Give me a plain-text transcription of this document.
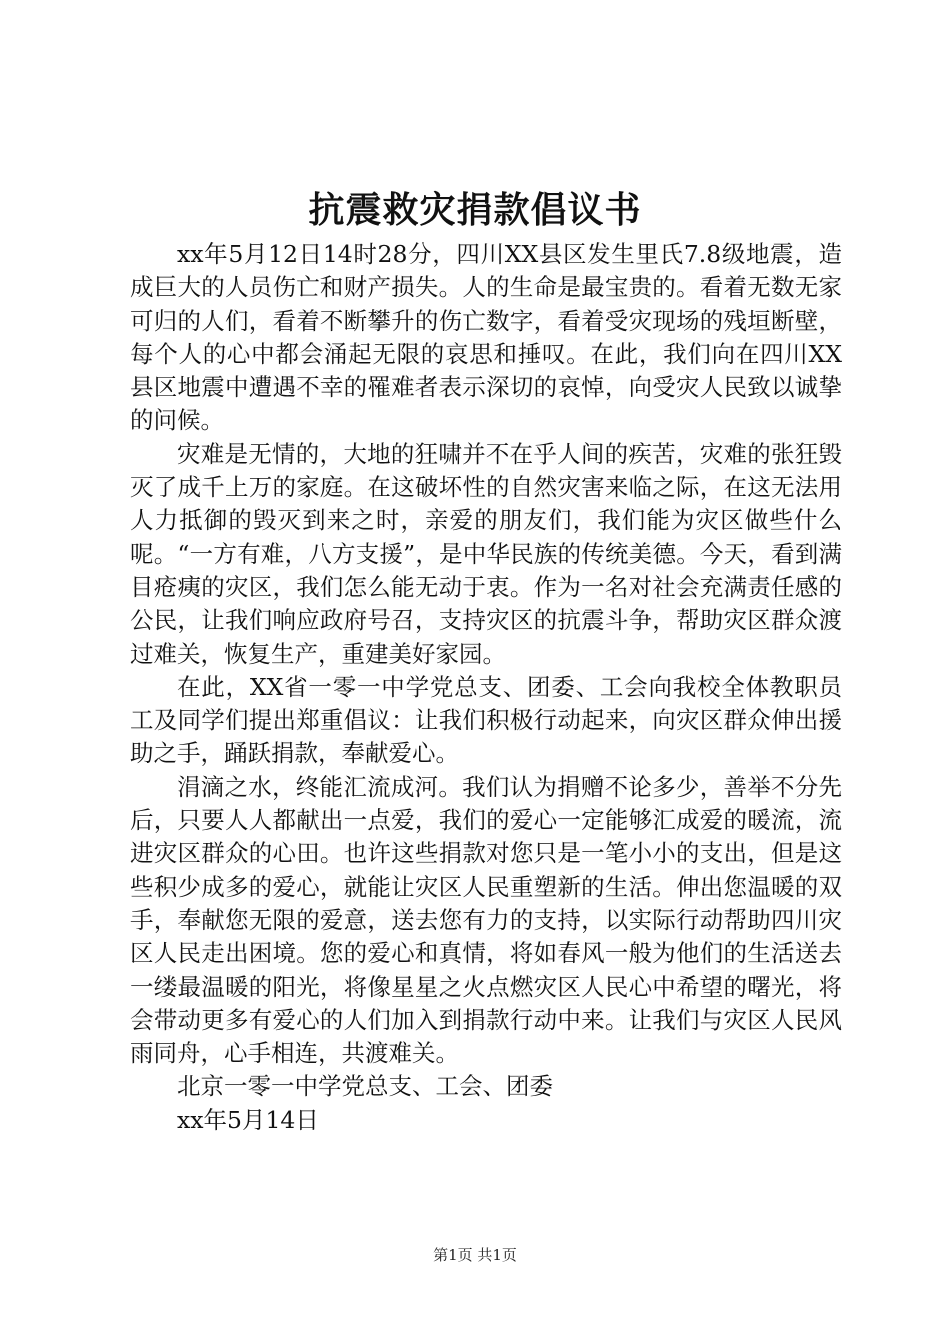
抗震救灾捐款倡议书

xx年5月12日14时28分，四川XX县区发生里氏7.8级地震，造成巨大的人员伤亡和财产损失。人的生命是最宝贵的。看着无数无家可归的人们，看着不断攀升的伤亡数字，看着受灾现场的残垣断壁，每个人的心中都会涌起无限的哀思和捶叹。在此，我们向在四川XX县区地震中遭遇不幸的罹难者表示深切的哀悼，向受灾人民致以诚挚的问候。

灾难是无情的，大地的狂啸并不在乎人间的疾苦，灾难的张狂毁灭了成千上万的家庭。在这破坏性的自然灾害来临之际，在这无法用人力抵御的毁灭到来之时，亲爱的朋友们，我们能为灾区做些什么呢。“一方有难，八方支援”，是中华民族的传统美德。今天，看到满目疮痍的灾区，我们怎么能无动于衷。作为一名对社会充满责任感的公民，让我们响应政府号召，支持灾区的抗震斗争，帮助灾区群众渡过难关，恢复生产，重建美好家园。

在此，XX省一零一中学党总支、团委、工会向我校全体教职员工及同学们提出郑重倡议：让我们积极行动起来，向灾区群众伸出援助之手，踊跃捐款，奉献爱心。

涓滴之水，终能汇流成河。我们认为捐赠不论多少，善举不分先后，只要人人都献出一点爱，我们的爱心一定能够汇成爱的暖流，流进灾区群众的心田。也许这些捐款对您只是一笔小小的支出，但是这些积少成多的爱心，就能让灾区人民重塑新的生活。伸出您温暖的双手，奉献您无限的爱意，送去您有力的支持，以实际行动帮助四川灾区人民走出困境。您的爱心和真情，将如春风一般为他们的生活送去一缕最温暖的阳光，将像星星之火点燃灾区人民心中希望的曙光，将会带动更多有爱心的人们加入到捐款行动中来。让我们与灾区人民风雨同舟，心手相连，共渡难关。

北京一零一中学党总支、工会、团委

xx年5月14日

第1页 共1页
